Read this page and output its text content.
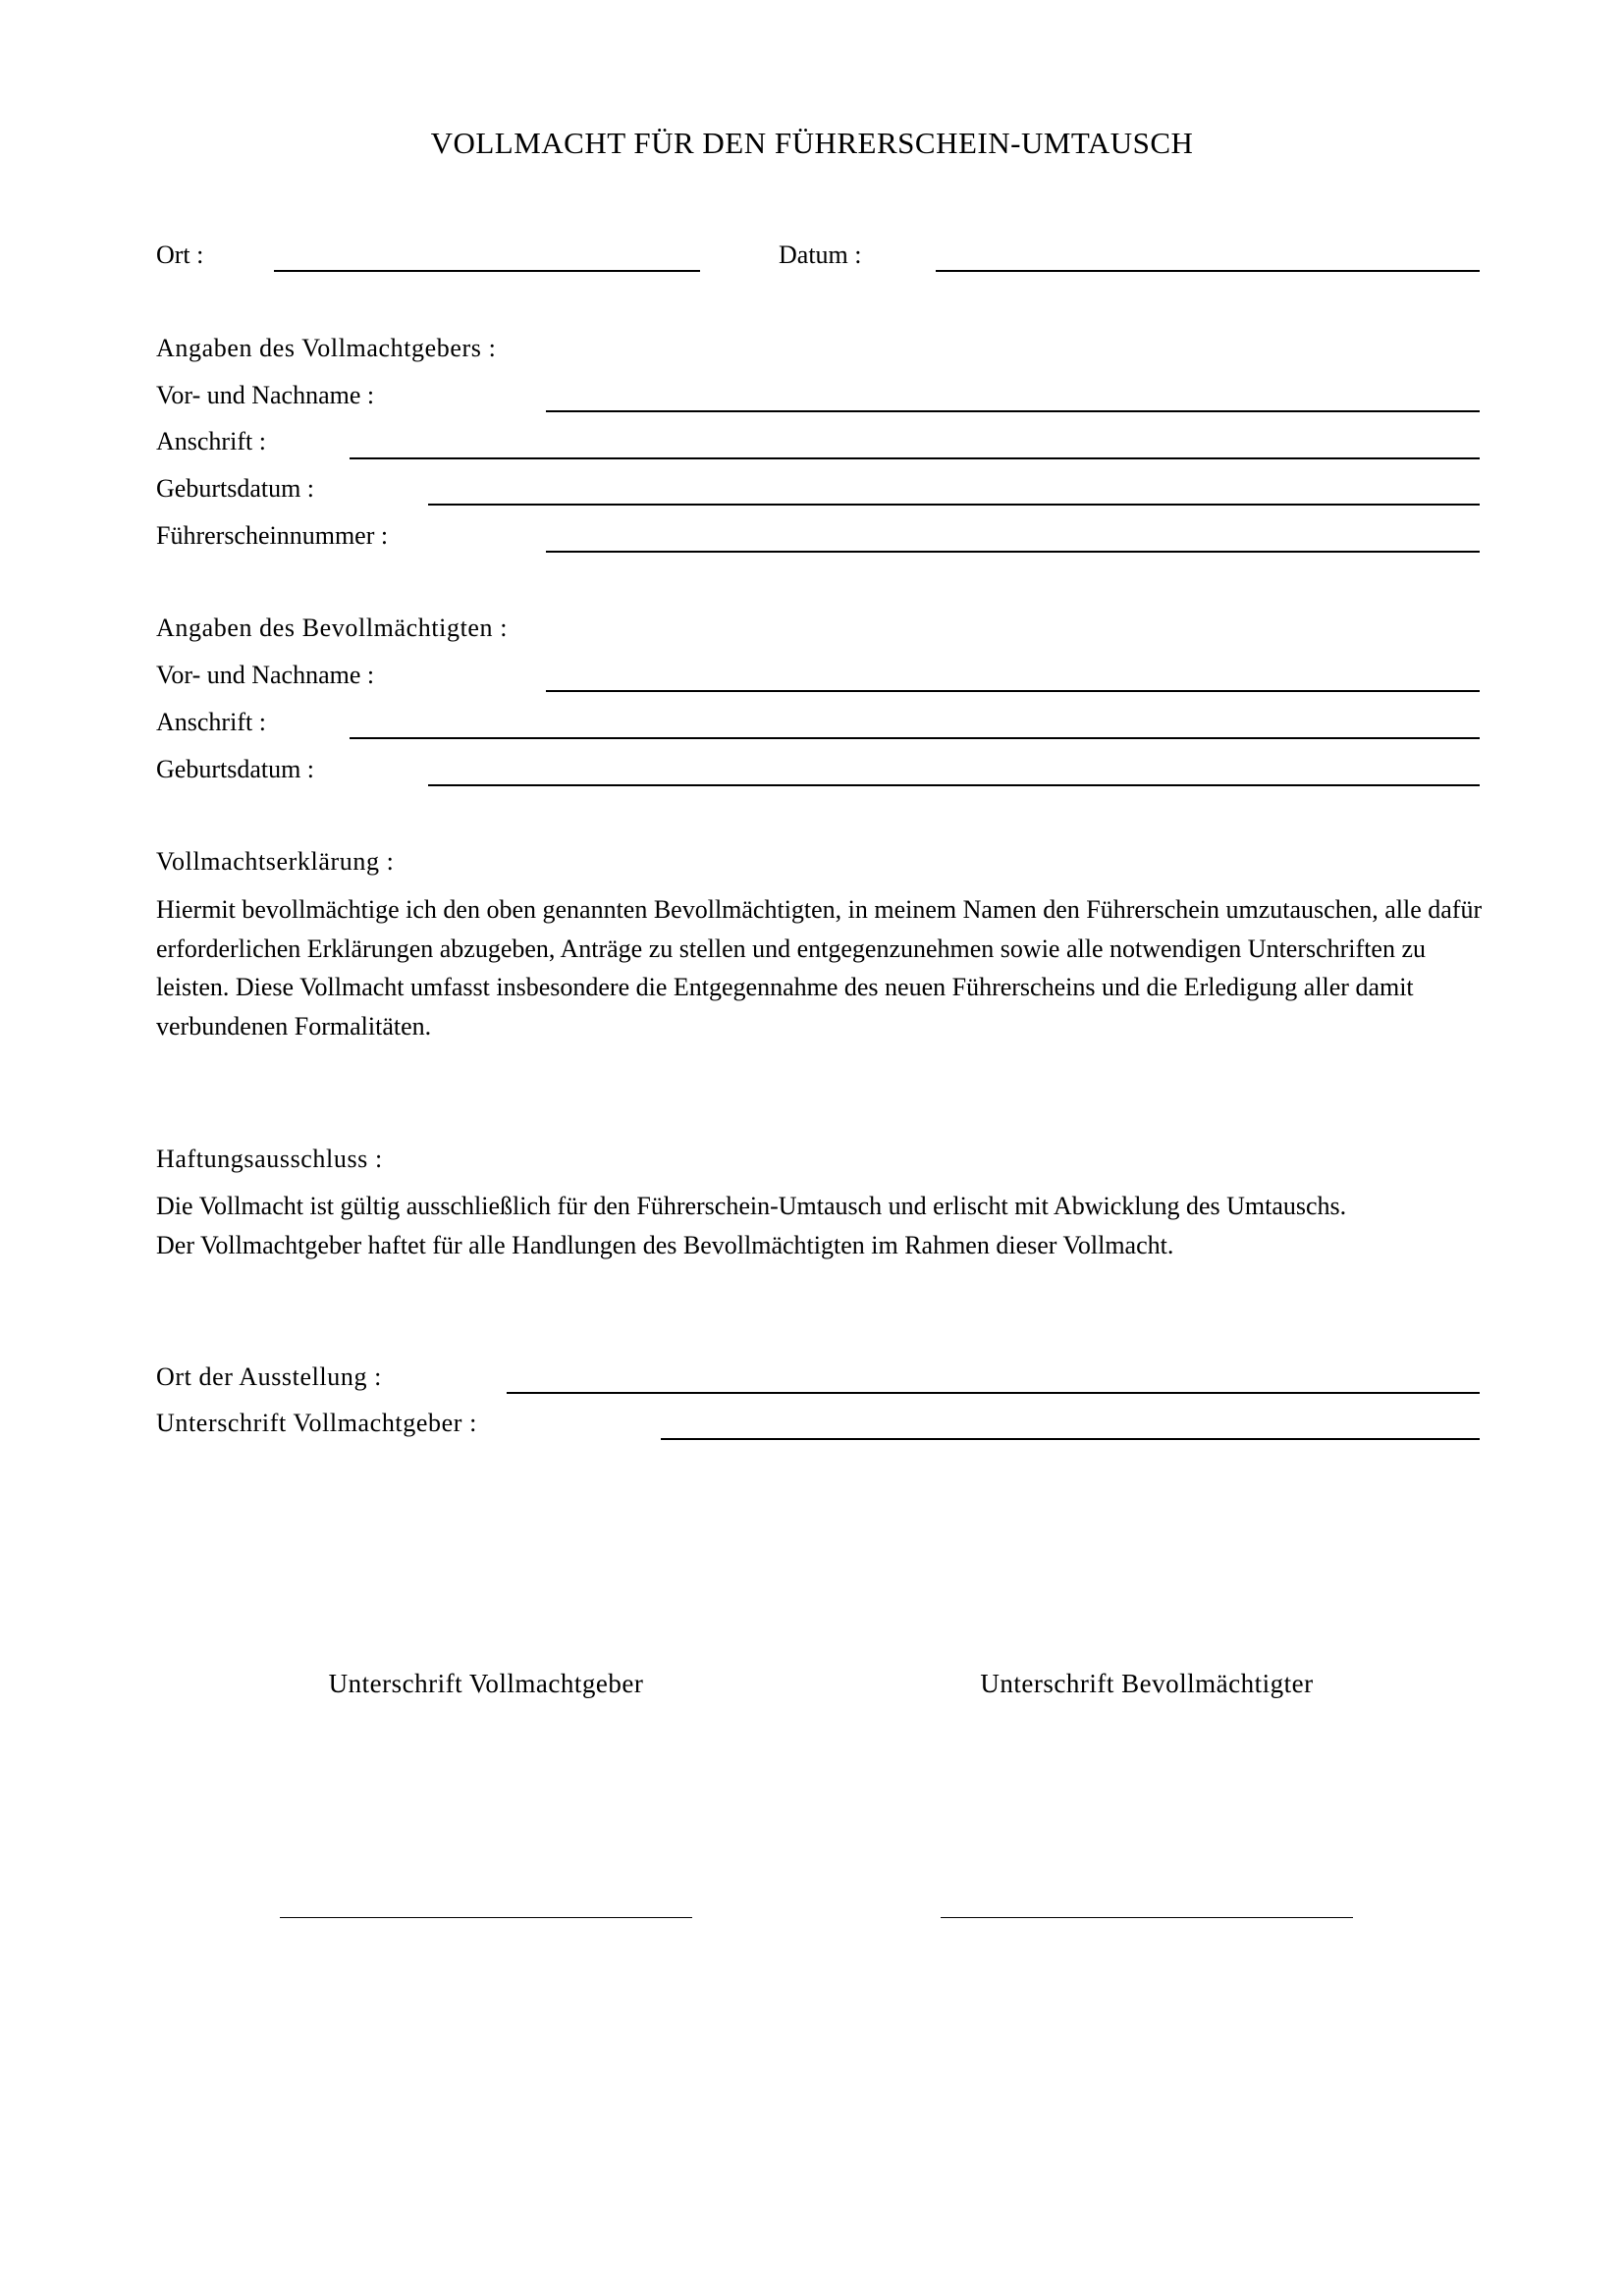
VOLLMACHT FÜR DEN FÜHRERSCHEIN-UMTAUSCH
Ort :	Datum :
Angaben des Vollmachtgebers :
Vor- und Nachname :
Anschrift :
Geburtsdatum :
Führerscheinnummer :
Angaben des Bevollmächtigten :
Vor- und Nachname :
Anschrift :
Geburtsdatum :
Vollmachtserklärung :

Hiermit bevollmächtige ich den oben genannten Bevollmächtigten, in meinem Namen den Führerschein umzutauschen, alle dafür erforderlichen Erklärungen abzugeben, Anträge zu stellen und entgegenzunehmen sowie alle notwendigen Unterschriften zu leisten. Diese Vollmacht umfasst insbesondere die Entgegennahme des neuen Führerscheins und die Erledigung aller damit verbundenen Formalitäten.

Haftungsausschluss :

Die Vollmacht ist gültig ausschließlich für den Führerschein-Umtausch und erlischt mit Abwicklung des Umtauschs.

Der Vollmachtgeber haftet für alle Handlungen des Bevollmächtigten im Rahmen dieser Vollmacht.

Ort der Ausstellung :
Unterschrift Vollmachtgeber :
Unterschrift Vollmachtgeber	Unterschrift Bevollmächtigter
